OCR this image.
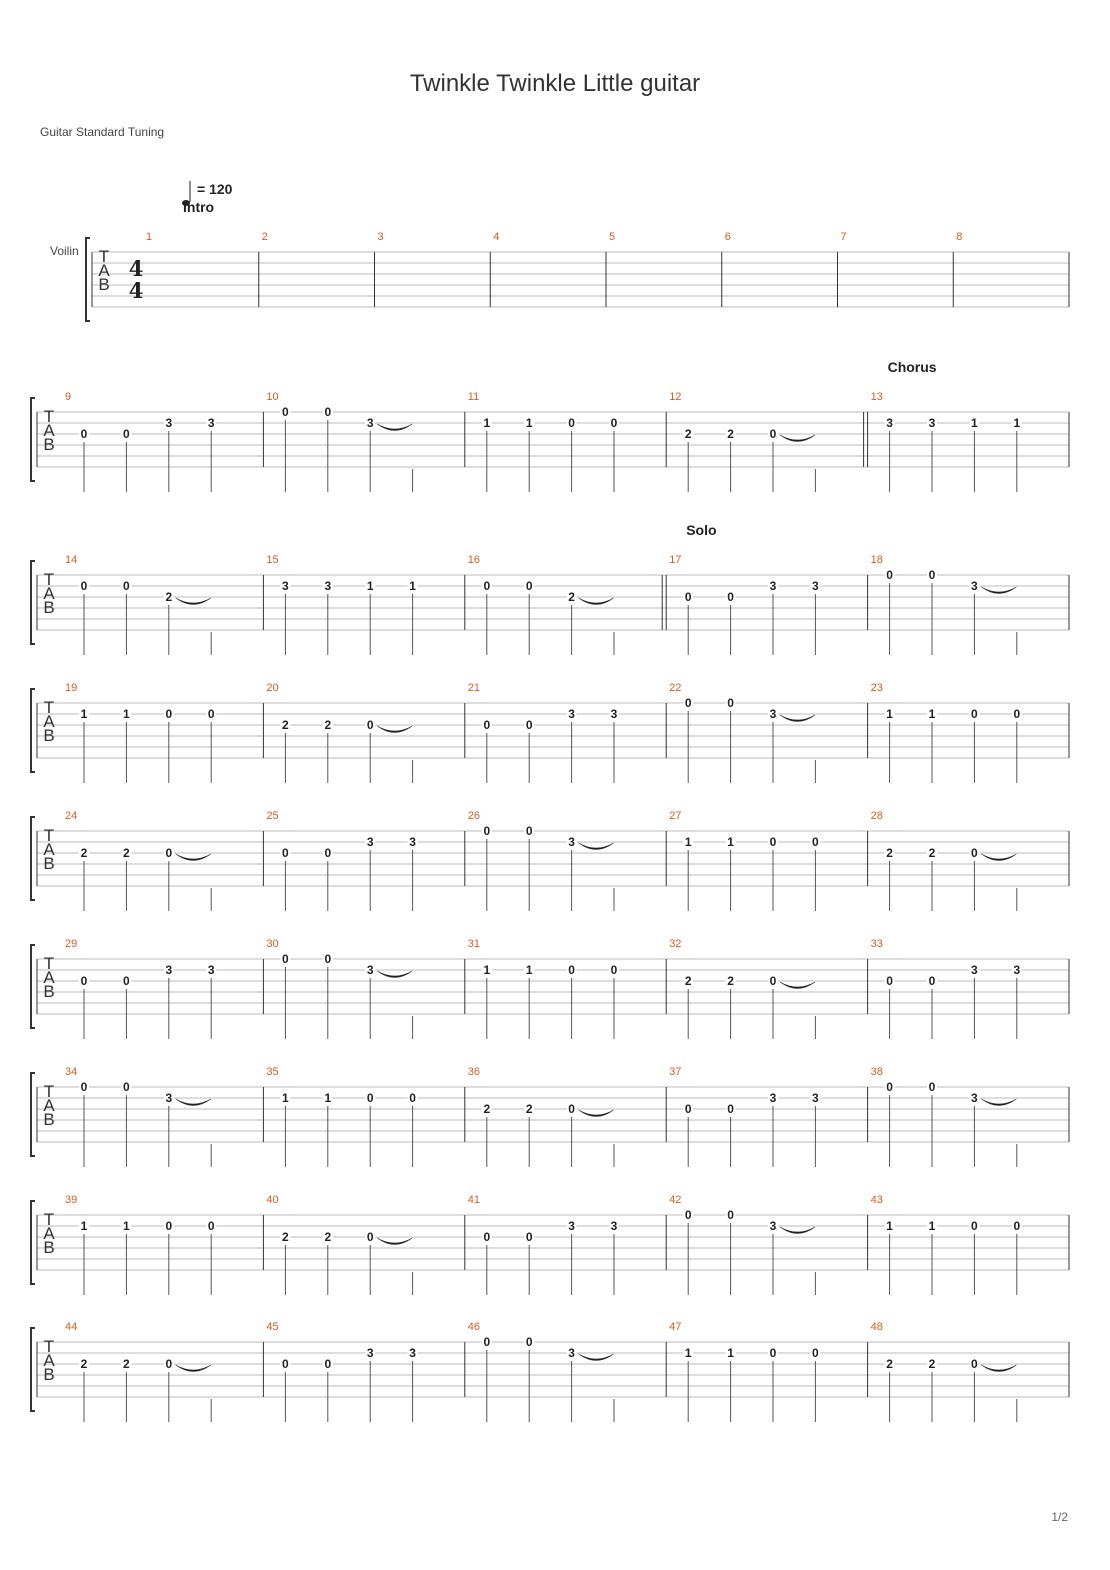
Twinkle Twinkle Little guitar
Guitar Standard Tuning
1/2
T
A
B
4
4
Voilin
= 120
1
Intro
2	3	4	5	6	7	8
T
A
B
9
0	0
3	3
10
0	0
3
11
1	1	0	0
12
2	2	0
13
Chorus
3	3	1	1
T
A
B
14
0	0
2
15
3	3	1	1
16
0	0
2
17
Solo
0	0
3	3
18
0	0
3
T
A
B
19
1	1	0	0
20
2	2	0
21
0	0
3	3
22
0	0
3
23
1	1	0	0
T
A
B
24
2	2	0
25
0	0
3	3
26
0	0
3
27
1	1	0	0
28
2	2	0
T
A
B
29
0	0
3	3
30
0	0
3
31
1	1	0	0
32
2	2	0
33
0	0
3	3
T
A
B
34
0	0
3
35
1	1	0	0
36
2	2	0
37
0	0
3	3
38
0	0
3
T
A
B
39
1	1	0	0
40
2	2	0
41
0	0
3	3
42
0	0
3
43
1	1	0	0
T
A
B
44
2	2	0
45
0	0
3	3
46
0	0
3
47
1	1	0	0
48
2	2	0
